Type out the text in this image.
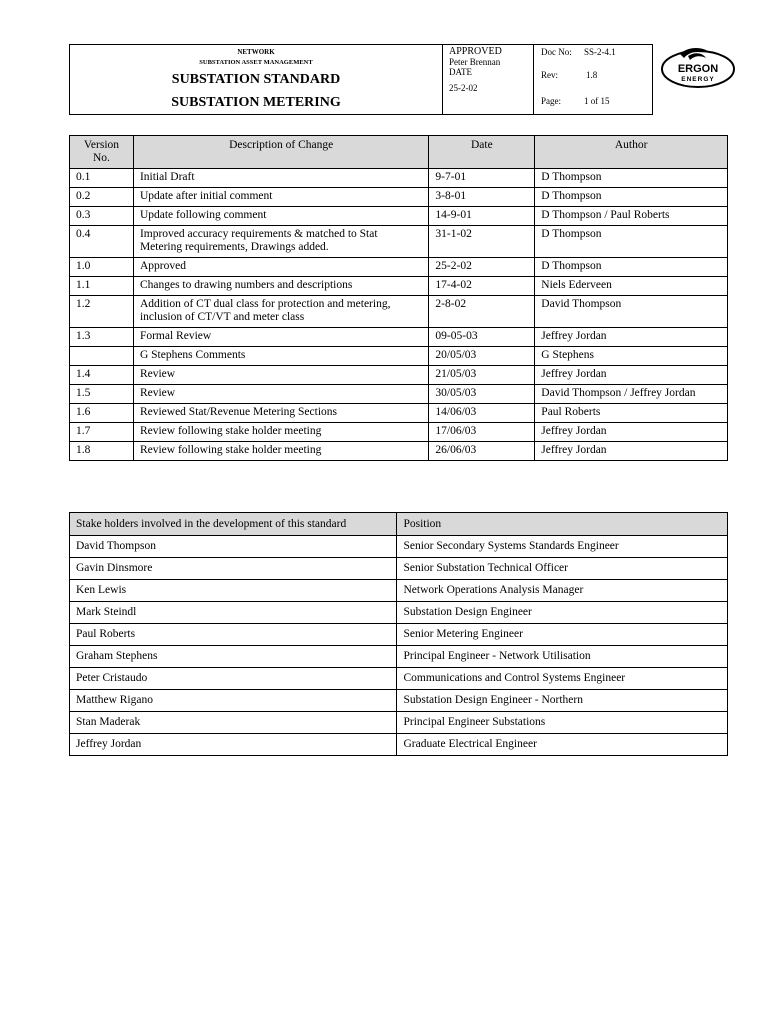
NETWORK
SUBSTATION ASSET MANAGEMENT
SUBSTATION STANDARD
SUBSTATION METERING
APPROVED
Peter Brennan
DATE
25-2-02
Doc No: SS-2-4.1
Rev:	1.8
Page:	1 of 15
ERGON
ENERGY
Version No.	Description of Change	Date	Author
0.1	Initial Draft	9-7-01	D Thompson
0.2	Update after initial comment	3-8-01	D Thompson
0.3	Update following comment	14-9-01	D Thompson / Paul Roberts
0.4	Improved accuracy requirements & matched to Stat Metering requirements, Drawings added.	31-1-02	D Thompson
1.0	Approved	25-2-02	D Thompson
1.1	Changes to drawing numbers and descriptions	17-4-02	Niels Ederveen
1.2	Addition of CT dual class for protection and metering, inclusion of CT/VT and meter class	2-8-02	David Thompson
1.3	Formal Review	09-05-03	Jeffrey Jordan
	G Stephens Comments	20/05/03	G Stephens
1.4	Review	21/05/03	Jeffrey Jordan
1.5	Review	30/05/03	David Thompson / Jeffrey Jordan
1.6	Reviewed Stat/Revenue Metering Sections	14/06/03	Paul Roberts
1.7	Review following stake holder meeting	17/06/03	Jeffrey Jordan
1.8	Review following stake holder meeting	26/06/03	Jeffrey Jordan
Stake holders involved in the development of this standard	Position
David Thompson	Senior Secondary Systems Standards Engineer
Gavin Dinsmore	Senior Substation Technical Officer
Ken Lewis	Network Operations Analysis Manager
Mark Steindl	Substation Design Engineer
Paul Roberts	Senior Metering Engineer
Graham Stephens	Principal Engineer - Network Utilisation
Peter Cristaudo	Communications and Control Systems Engineer
Matthew Rigano	Substation Design Engineer - Northern
Stan Maderak	Principal Engineer Substations
Jeffrey Jordan	Graduate Electrical Engineer
